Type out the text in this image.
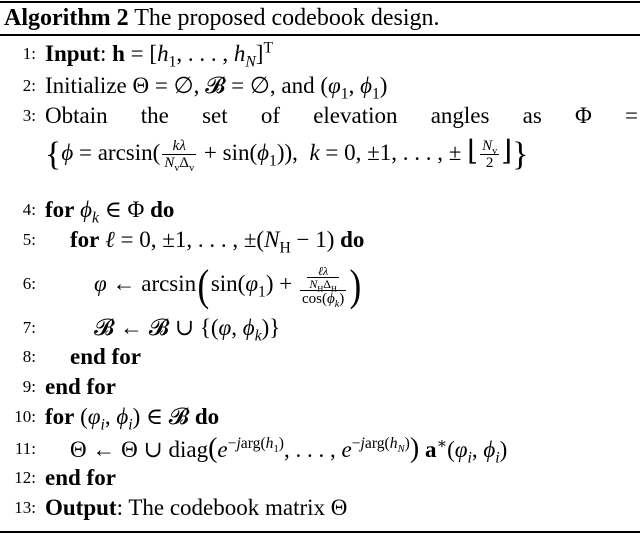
Algorithm 2 The proposed codebook design.
1: Input: $h = [h_1$, . . . , $h_N]^T$
2: Initialize Θ = ∅, 𝓑 = ∅, and ($\varphi_1$, $\phi_1$)
3: Obtain the set of elevation angles as Φ =
{$\phi = \arcsin( \frac{k\lambda}{N_v\Delta_v} + \sin(\phi_1))$,  k = 0, ±1, . . . , ± ⌊ $\frac{N_v}{2}$ ⌋}
4: for $\phi_k$ ∈ Φ do
5: for ℓ = 0, ±1, . . . , $\pm(N_H - 1)$ do
6:	φ ← $\arcsin(\sin(\varphi_1) + \frac{\frac{\text{ℓλ}}{N_H\Delta_H}}{\cos(\phi_k)}$ )
7:	𝓑 ← 𝓑 ∪ {(φ, $\phi_k$)}
8: end for
9: end for
10: for ($\varphi_i$, $\phi_i$) ∈ 𝓑 do
11: Θ ← Θ ∪ $diag(e^{-jarg(h_1)}$, . . . , $e^{-jarg(h_N)}$) $a^∗(\varphi_i$, $\phi_i$)
12: end for
13: Output: The codebook matrix Θ
